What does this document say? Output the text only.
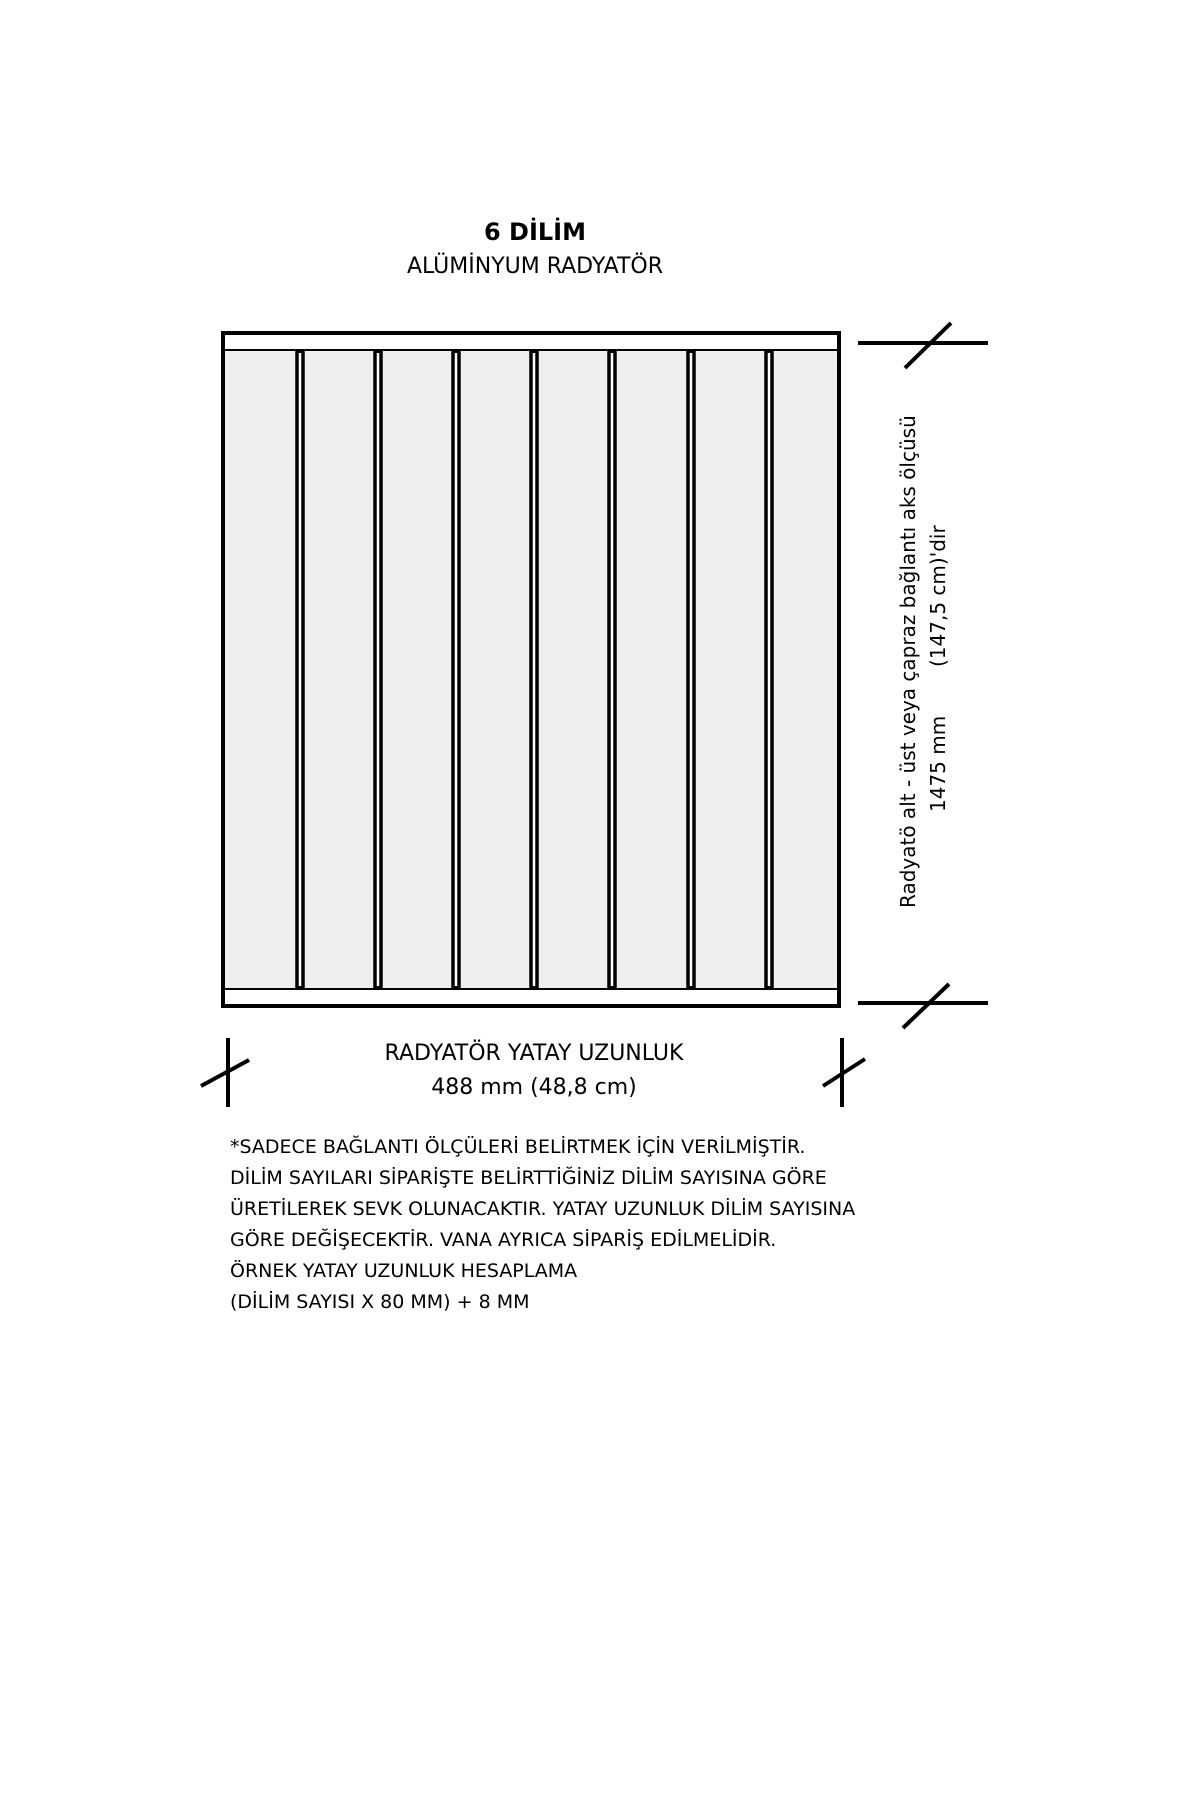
6 DİLİM
ALÜMİNYUM RADYATÖR
Radyatö alt - üst veya çapraz bağlantı aks ölçüsü 1475 mm
(147,5 cm)'dir
RADYATÖR YATAY UZUNLUK
488 mm (48,8 cm)
*SADECE BAĞLANTI ÖLÇÜLERİ BELİRTMEK İÇİN VERİLMİŞTİR.
DİLİM SAYILARI SİPARİŞTE BELİRTTİĞİNİZ DİLİM SAYISINA GÖRE
ÜRETİLEREK SEVK OLUNACAKTIR. YATAY UZUNLUK DİLİM SAYISINA
GÖRE DEĞİŞECEKTİR. VANA AYRICA SİPARİŞ EDİLMELİDİR.
ÖRNEK YATAY UZUNLUK HESAPLAMA
(DİLİM SAYISI X 80 MM) + 8 MM
